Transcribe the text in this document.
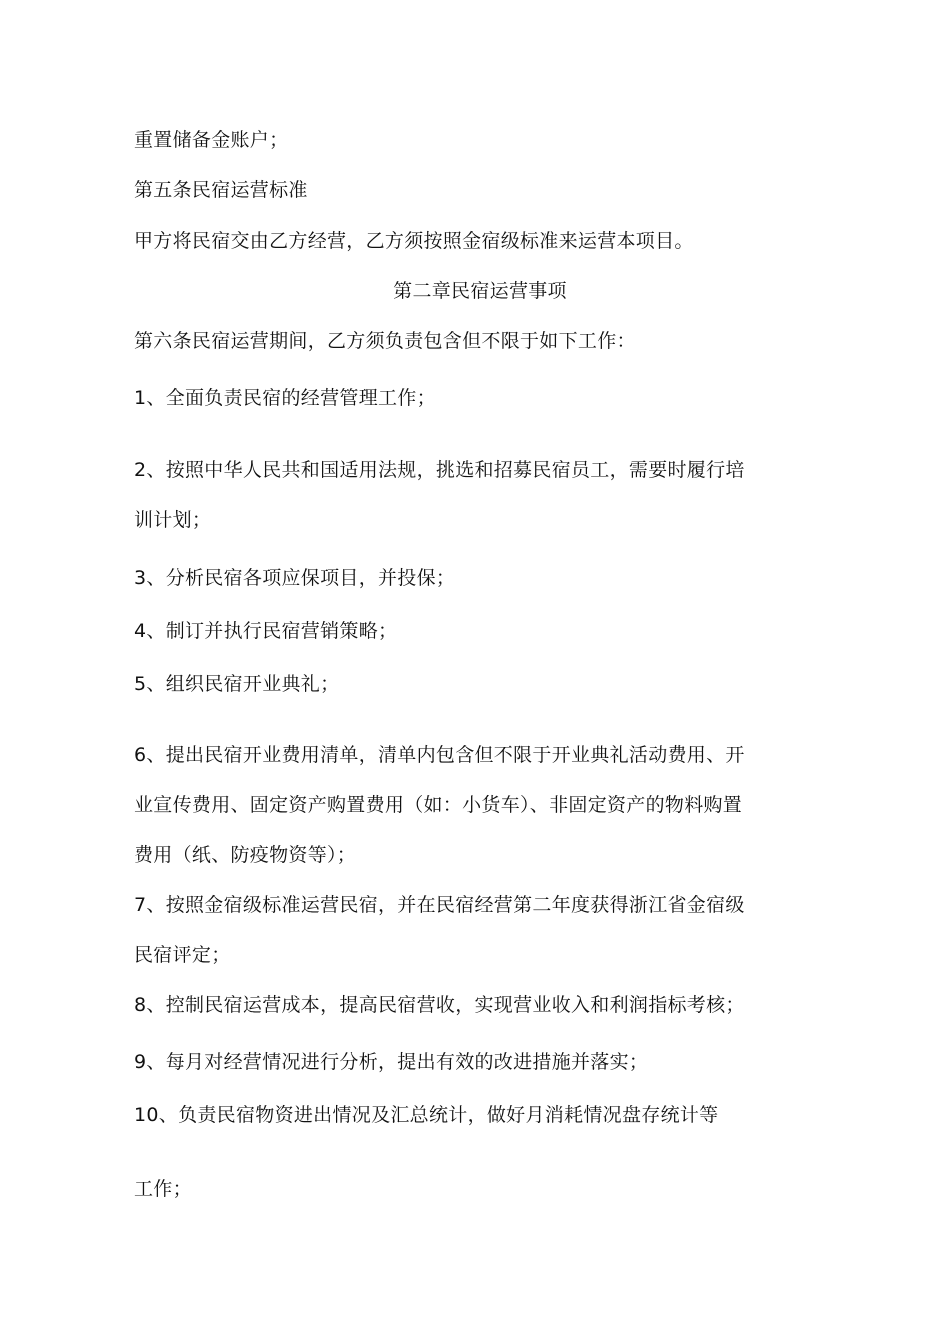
重置储备金账户；
第五条民宿运营标准
甲方将民宿交由乙方经营，乙方须按照金宿级标准来运营本项目。
第二章民宿运营事项
第六条民宿运营期间，乙方须负责包含但不限于如下工作：
1、全面负责民宿的经营管理工作；
2、按照中华人民共和国适用法规，挑选和招募民宿员工，需要时履行培
训计划；
3、分析民宿各项应保项目，并投保；
4、制订并执行民宿营销策略；
5、组织民宿开业典礼；
6、提出民宿开业费用清单，清单内包含但不限于开业典礼活动费用、开
业宣传费用、固定资产购置费用（如：小货车）、非固定资产的物料购置
费用（纸、防疫物资等）；
7、按照金宿级标准运营民宿，并在民宿经营第二年度获得浙江省金宿级
民宿评定；
8、控制民宿运营成本，提高民宿营收，实现营业收入和利润指标考核；
9、每月对经营情况进行分析，提出有效的改进措施并落实；
10、负责民宿物资进出情况及汇总统计，做好月消耗情况盘存统计等
工作；
